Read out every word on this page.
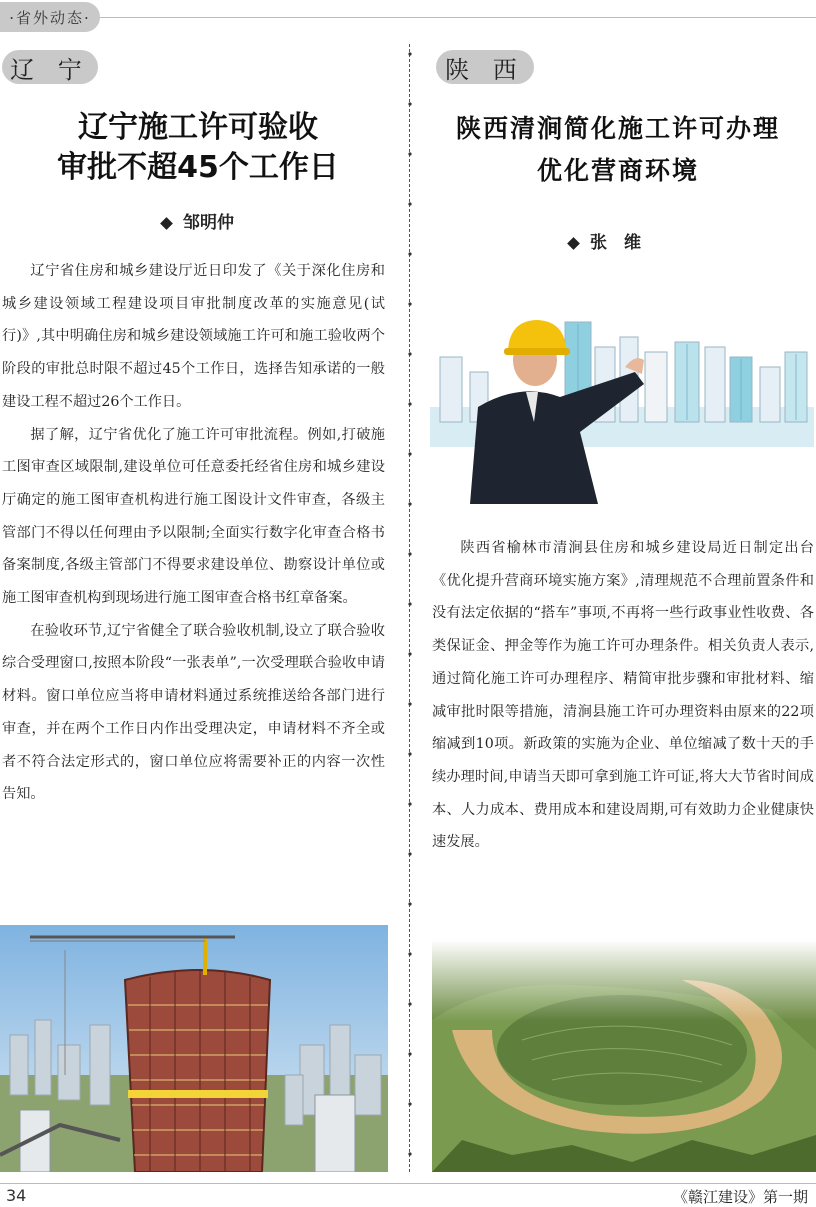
·省外动态·
辽 宁
辽宁施工许可验收
审批不超45个工作日
邹明仲

辽宁省住房和城乡建设厅近日印发了《关于深化住房和城乡建设领域工程建设项目审批制度改革的实施意见(试行)》,其中明确住房和城乡建设领域施工许可和施工验收两个阶段的审批总时限不超过45个工作日，选择告知承诺的一般建设工程不超过26个工作日。

据了解，辽宁省优化了施工许可审批流程。例如,打破施工图审查区域限制,建设单位可任意委托经省住房和城乡建设厅确定的施工图审查机构进行施工图设计文件审查，各级主管部门不得以任何理由予以限制;全面实行数字化审查合格书备案制度,各级主管部门不得要求建设单位、勘察设计单位或施工图审查机构到现场进行施工图审查合格书红章备案。

在验收环节,辽宁省健全了联合验收机制,设立了联合验收综合受理窗口,按照本阶段“一张表单”,一次受理联合验收申请材料。窗口单位应当将申请材料通过系统推送给各部门进行审查，并在两个工作日内作出受理决定，申请材料不齐全或者不符合法定形式的，窗口单位应将需要补正的内容一次性告知。

陕 西
陕西清涧简化施工许可办理
优化营商环境
张　维

陕西省榆林市清涧县住房和城乡建设局近日制定出台《优化提升营商环境实施方案》,清理规范不合理前置条件和没有法定依据的“搭车”事项,不再将一些行政事业性收费、各类保证金、押金等作为施工许可办理条件。相关负责人表示,通过简化施工许可办理程序、精简审批步骤和审批材料、缩减审批时限等措施，清涧县施工许可办理资料由原来的22项缩减到10项。新政策的实施为企业、单位缩减了数十天的手续办理时间,申请当天即可拿到施工许可证,将大大节省时间成本、人力成本、费用成本和建设周期,可有效助力企业健康快速发展。

34	《赣江建设》第一期
